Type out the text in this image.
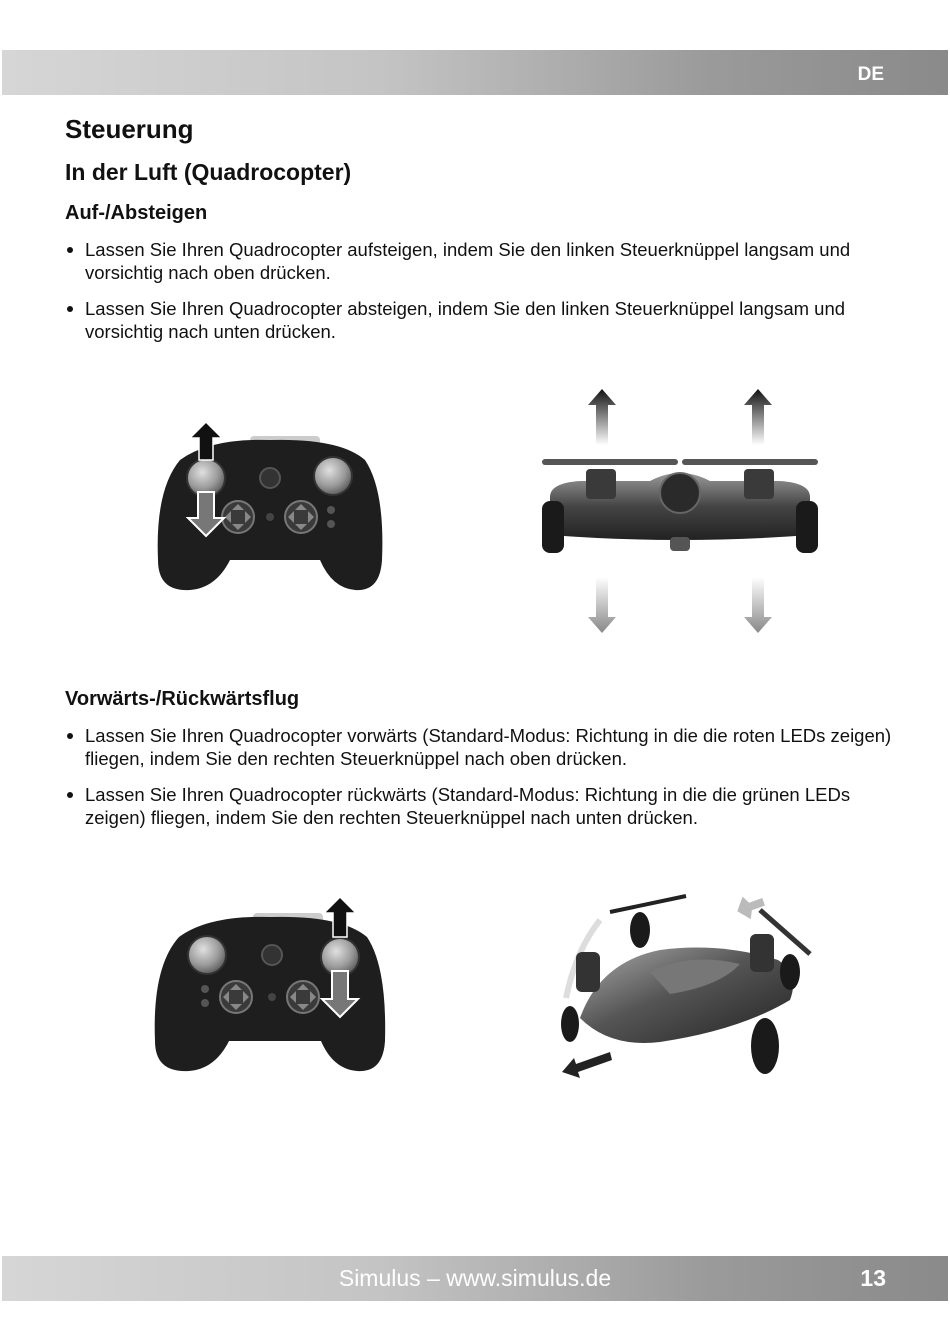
DE
Steuerung
In der Luft (Quadrocopter)
Auf-/Absteigen
Lassen Sie Ihren Quadrocopter aufsteigen, indem Sie den linken Steuerknüppel langsam und vorsichtig nach oben drücken.
Lassen Sie Ihren Quadrocopter absteigen, indem Sie den linken Steuerknüppel langsam und vorsichtig nach unten drücken.
Vorwärts-/Rückwärtsflug
Lassen Sie Ihren Quadrocopter vorwärts (Standard-Modus: Richtung in die die roten LEDs zeigen) fliegen, indem Sie den rechten Steuerknüppel nach oben drücken.
Lassen Sie Ihren Quadrocopter rückwärts (Standard-Modus: Richtung in die die grünen LEDs zeigen) fliegen, indem Sie den rechten Steuerknüppel nach unten drücken.
Simulus – www.simulus.de	13
